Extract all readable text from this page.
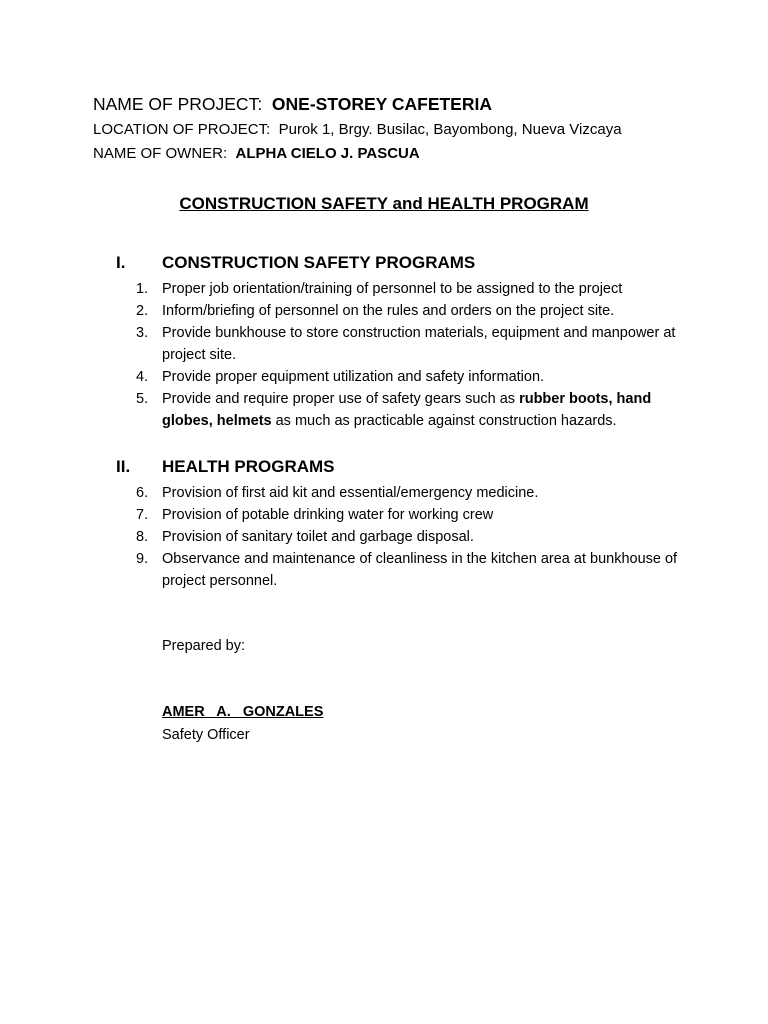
NAME OF PROJECT: ONE-STOREY CAFETERIA
LOCATION OF PROJECT: Purok 1, Brgy. Busilac, Bayombong, Nueva Vizcaya
NAME OF OWNER: ALPHA CIELO J. PASCUA
CONSTRUCTION SAFETY and HEALTH PROGRAM
I. CONSTRUCTION SAFETY PROGRAMS
1. Proper job orientation/training of personnel to be assigned to the project
2. Inform/briefing of personnel on the rules and orders on the project site.
3. Provide bunkhouse to store construction materials, equipment and manpower at project site.
4. Provide proper equipment utilization and safety information.
5. Provide and require proper use of safety gears such as rubber boots, hand globes, helmets as much as practicable against construction hazards.
II. HEALTH PROGRAMS
6. Provision of first aid kit and essential/emergency medicine.
7. Provision of potable drinking water for working crew
8. Provision of sanitary toilet and garbage disposal.
9. Observance and maintenance of cleanliness in the kitchen area at bunkhouse of project personnel.
Prepared by:
AMER   A.   GONZALES
Safety Officer
